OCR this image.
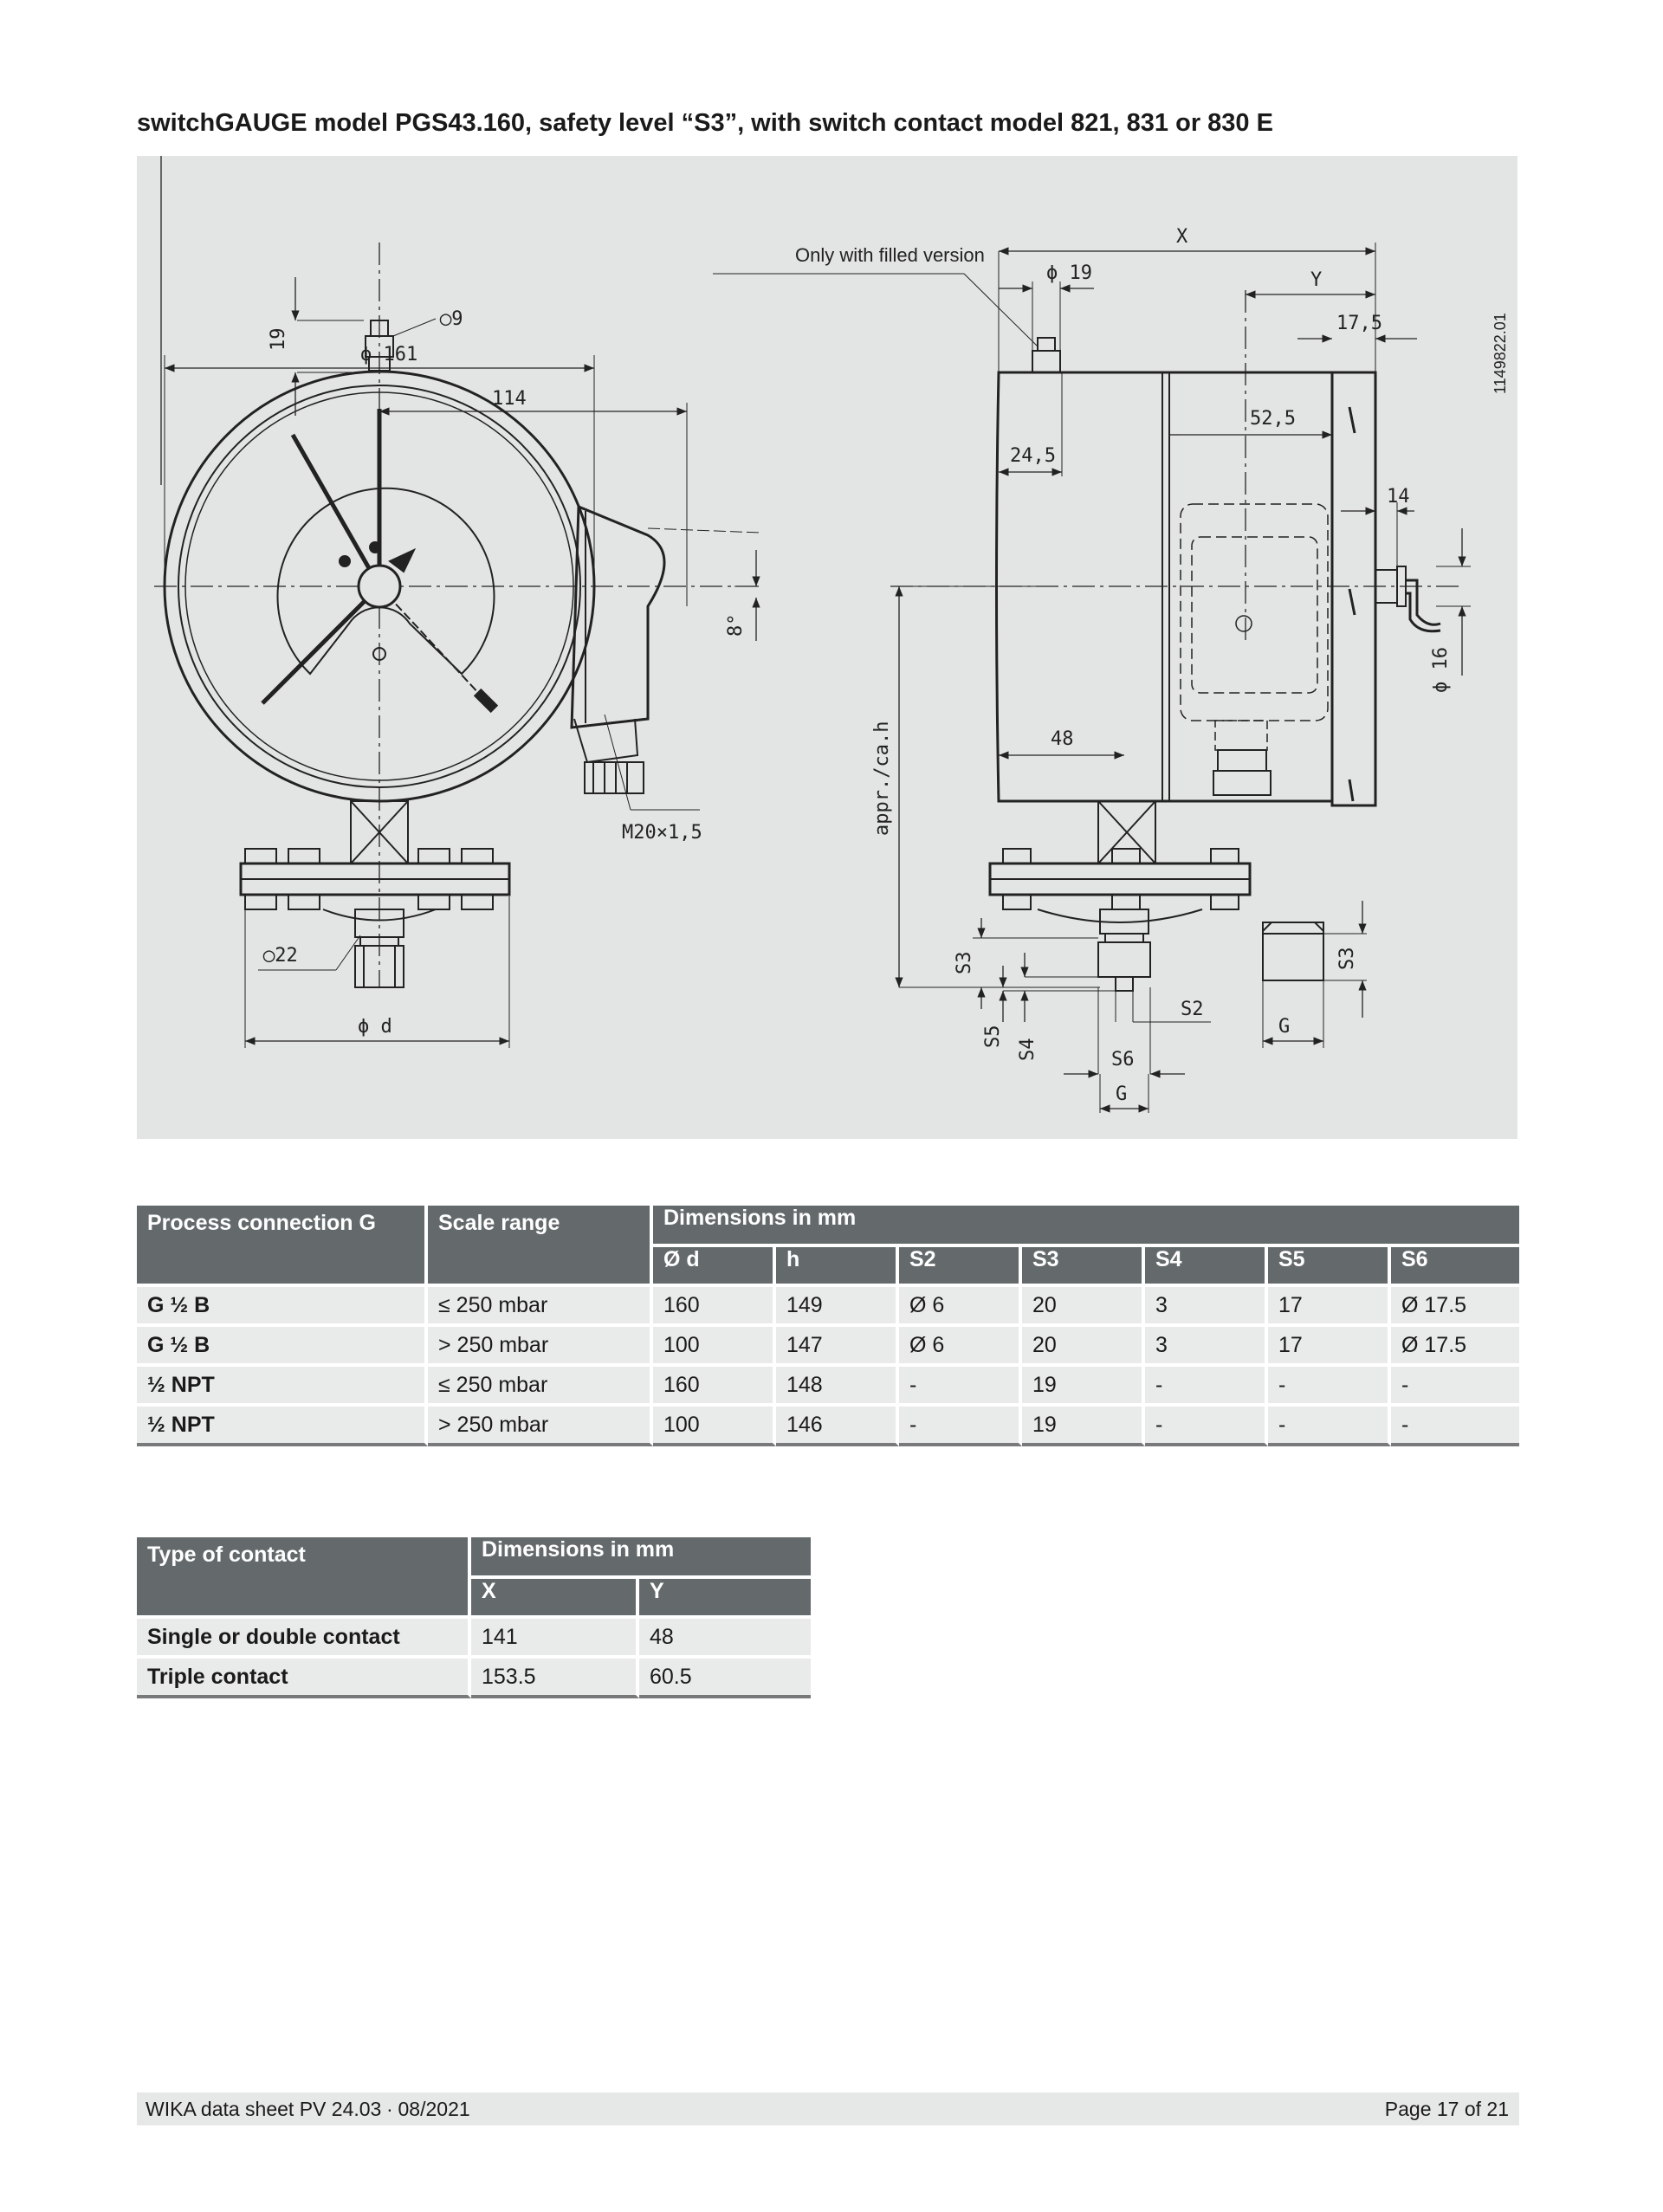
switchGAUGE model PGS43.160, safety level “S3”, with switch contact model 821, 831 or 830 E
ϕ 161
114
19
◯9
8°
M20×1,5
◯22
ϕ d
Only with filled version
X
Y
ϕ 19
17,5
52,5
24,5
14
ϕ 16
48
appr./ca.h
S3
S5
S4
S2
S6
G
G
S3
1149822.01
Process connection G	Scale range	Dimensions in mm						
		Ø d	h	S2	S3	S4	S5	S6
G ½ B	≤ 250 mbar	160	149	Ø 6	20	3	17	Ø 17.5
G ½ B	> 250 mbar	100	147	Ø 6	20	3	17	Ø 17.5
½ NPT	≤ 250 mbar	160	148	-	19	-	-	-
½ NPT	> 250 mbar	100	146	-	19	-	-	-
Type of contact	Dimensions in mm	
	X	Y
Single or double contact	141	48
Triple contact	153.5	60.5
WIKA data sheet PV 24.03 ∙ 08/2021	Page 17 of 21
